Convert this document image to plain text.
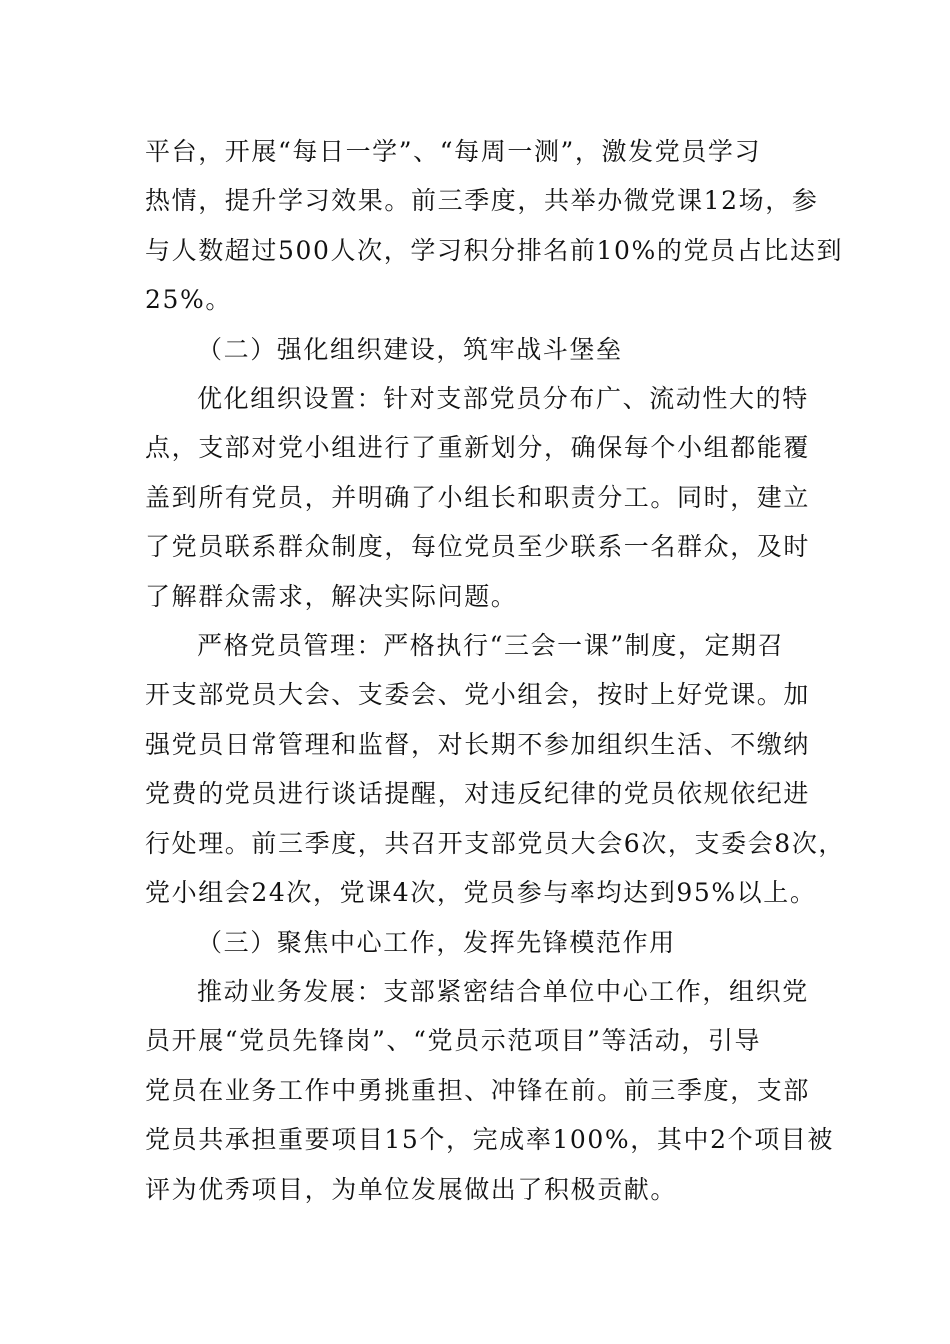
平台，开展“每日一学”、“每周一测”，激发党员学习
热情，提升学习效果。前三季度，共举办微党课12场，参
与人数超过500人次，学习积分排名前10%的党员占比达到
25%。

（二）强化组织建设，筑牢战斗堡垒

优化组织设置：针对支部党员分布广、流动性大的特
点，支部对党小组进行了重新划分，确保每个小组都能覆
盖到所有党员，并明确了小组长和职责分工。同时，建立
了党员联系群众制度，每位党员至少联系一名群众，及时
了解群众需求，解决实际问题。

严格党员管理：严格执行“三会一课”制度，定期召
开支部党员大会、支委会、党小组会，按时上好党课。加
强党员日常管理和监督，对长期不参加组织生活、不缴纳
党费的党员进行谈话提醒，对违反纪律的党员依规依纪进
行处理。前三季度，共召开支部党员大会6次，支委会8次，
党小组会24次，党课4次，党员参与率均达到95%以上。

（三）聚焦中心工作，发挥先锋模范作用

推动业务发展：支部紧密结合单位中心工作，组织党
员开展“党员先锋岗”、“党员示范项目”等活动，引导
党员在业务工作中勇挑重担、冲锋在前。前三季度，支部
党员共承担重要项目15个，完成率100%，其中2个项目被
评为优秀项目，为单位发展做出了积极贡献。
